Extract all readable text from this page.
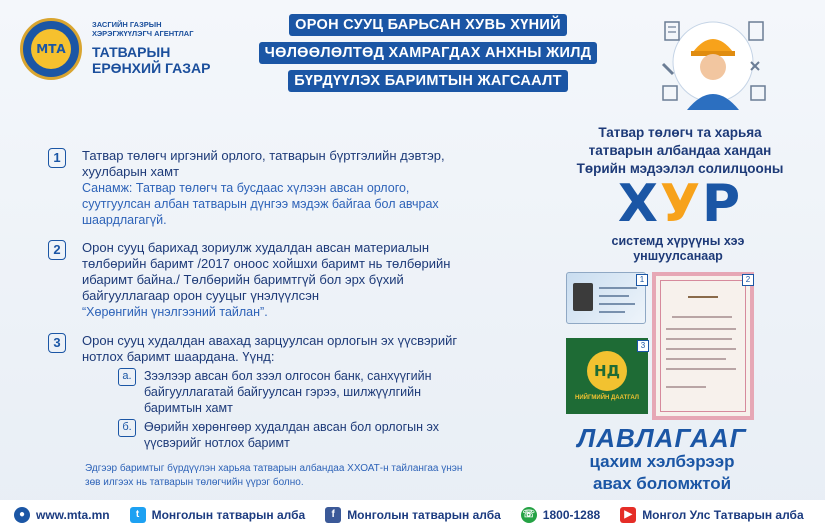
МТА
ЗАСГИЙН ГАЗРЫН
ХЭРЭГЖҮҮЛЭГЧ АГЕНТЛАГ
ТАТВАРЫН
ЕРӨНХИЙ ГАЗАР
ОРОН СУУЦ БАРЬСАН ХУВЬ ХҮНИЙ
ЧӨЛӨӨЛӨЛТӨД ХАМРАГДАХ АНХНЫ ЖИЛД
БҮРДҮҮЛЭХ БАРИМТЫН ЖАГСААЛТ
1	Татвар төлөгч иргэний орлого, татварын бүртгэлийн дэвтэр, хуулбарын хамт
Санамж: Татвар төлөгч та бусдаас хүлээн авсан орлого, суутгуулсан албан татварын дүнгээ мэдэж байгаа бол авчрах шаардлагагүй.
2	Орон сууц барихад зориулж худалдан авсан материалын төлбөрийн баримт /2017 оноос хойшхи баримт нь төлбөрийн ибаримт байна./ Төлбөрийн баримтгүй бол эрх бүхий байгууллагаар орон сууцыг үнэлүүлсэн
“Хөрөнгийн үнэлгээний тайлан”.
3	Орон сууц худалдан авахад зарцуулсан орлогын эх үүсвэрийг нотлох баримт шаардана. Үүнд:
а. Зээлээр авсан бол зээл олгосон банк, санхүүгийн байгууллагатай байгуулсан гэрээ, шилжүүлгийн баримтын хамт
б. Өөрийн хөрөнгөөр худалдан авсан бол орлогын эх үүсвэрийг нотлох баримт
Эдгээр баримтыг бүрдүүлэн харьяа татварын албандаа ХХОАТ-н тайлангаа үнэн зөв илгээх нь татварын төлөгчийн үүрэг болно.
Татвар төлөгч та харьяа
татварын албандаа хандан
Төрийн мэдээлэл солилцооны
ХУР
системд хүрүүны хээ
уншуулсанаар
1	2
НД
НИЙГМИЙН ДААТГАЛ
3
ЛАВЛАГААГ
цахим хэлбэрээр
авах боломжтой
● www.mta.mn	t	Монголын татварын алба	f	Монголын татварын алба ☏ 1800-1288	▶ Монгол Улс Татварын алба
